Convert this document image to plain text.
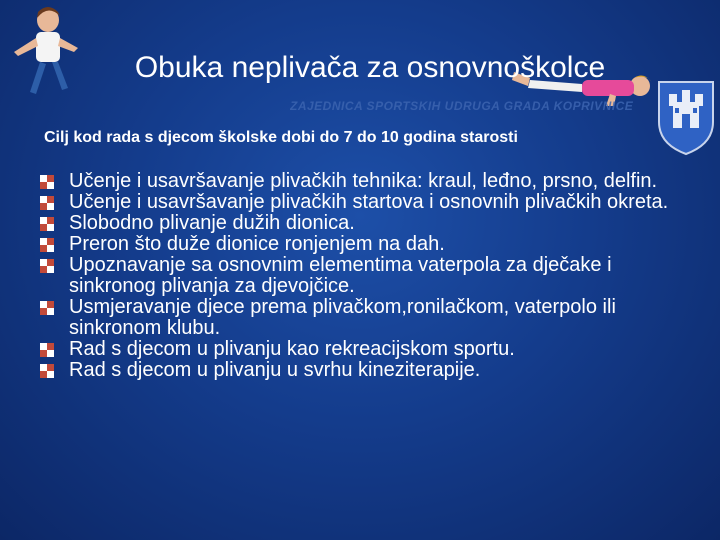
ZAJEDNICA SPORTSKIH UDRUGA GRADA KOPRIVNICE
Obuka neplivača za osnovnoškolce
Cilj kod rada s djecom školske dobi do 7 do 10 godina starosti
Učenje i usavršavanje plivačkih tehnika: kraul, leđno, prsno, delfin.
Učenje i usavršavanje plivačkih startova i osnovnih plivačkih okreta.
Slobodno plivanje dužih dionica.
Preron što duže dionice ronjenjem na dah.
Upoznavanje sa osnovnim elementima vaterpola za dječake i sinkronog plivanja za djevojčice.
Usmjeravanje djece prema plivačkom,ronilačkom, vaterpolo ili sinkronom klubu.
Rad s djecom u plivanju kao rekreacijskom sportu.
Rad s djecom u plivanju u svrhu kineziterapije.
